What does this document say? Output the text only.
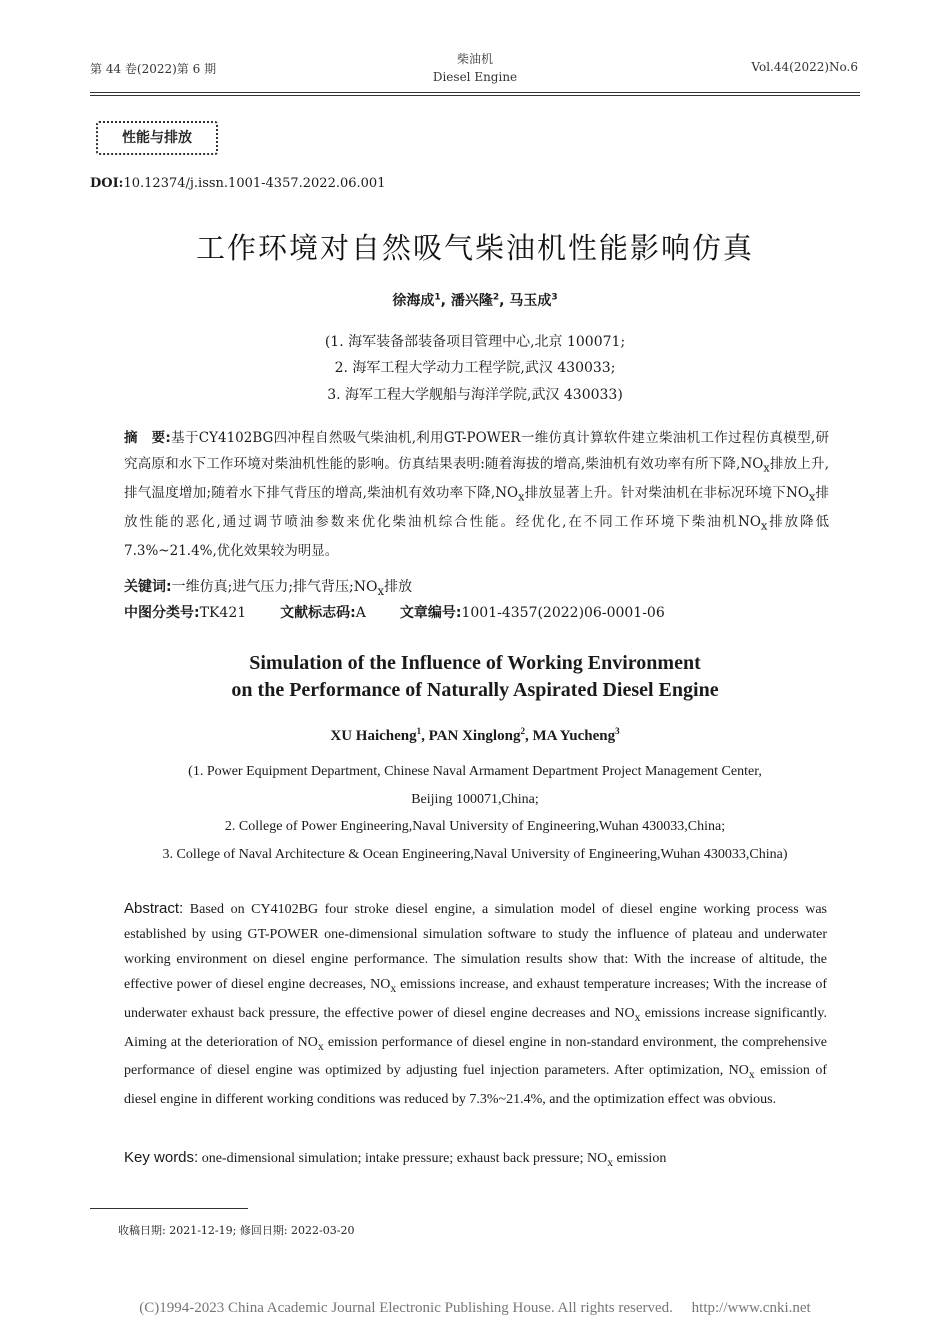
第 44 卷(2022)第 6 期
柴油机
Diesel Engine
Vol.44(2022)No.6
性能与排放
DOI:10.12374/j.issn.1001-4357.2022.06.001
工作环境对自然吸气柴油机性能影响仿真
徐海成$^1$, 潘兴隆$^2$, 马玉成$^3$
(1. 海军装备部装备项目管理中心,北京 100071;
2. 海军工程大学动力工程学院,武汉 430033;
3. 海军工程大学舰船与海洋学院,武汉 430033)
摘　要:基于CY4102BG四冲程自然吸气柴油机,利用GT-POWER一维仿真计算软件建立柴油机工作过程仿真模型,研究高原和水下工作环境对柴油机性能的影响。仿真结果表明:随着海拔的增高,柴油机有效功率有所下降$,NO_x$排放上升,排气温度增加;随着水下排气背压的增高,柴油机有效功率下降$,NO_x$排放显著上升。针对柴油机在非标况环境下$NO_x$排放性能的恶化,通过调节喷油参数来优化柴油机综合性能。经优化,在不同工作环境下柴油机$NO_x$排放降低7.3%~21.4%,优化效果较为明显。
关键词:一维仿真;进气压力;排气背压$;NO_x$排放
中图分类号:TK421 文献标志码:A 文章编号:1001-4357(2022)06-0001-06
Simulation of the Influence of Working Environment
on the Performance of Naturally Aspirated Diesel Engine
XU Haicheng$^1$, PAN Xinglong$^2$, MA Yucheng$^3$
(1. Power Equipment Department, Chinese Naval Armament Department Project Management Center,
Beijing 100071,China;
2. College of Power Engineering,Naval University of Engineering,Wuhan 430033,China;
3. College of Naval Architecture & Ocean Engineering,Naval University of Engineering,Wuhan 430033,China)
Abstract: Based on CY4102BG four stroke diesel engine, a simulation model of diesel engine working process was established by using GT-POWER one-dimensional simulation software to study the influence of plateau and underwater working environment on diesel engine performance. The simulation results show that: With the increase of altitude, the effective power of diesel engine decreases, $NO_x$ emissions increase, and exhaust temperature increases; With the increase of underwater exhaust back pressure, the effective power of diesel engine decreases and $NO_x$ emissions increase significantly. Aiming at the deterioration of $NO_x$ emission performance of diesel engine in non-standard environment, the comprehensive performance of diesel engine was optimized by adjusting fuel injection parameters. After optimization, $NO_x$ emission of diesel engine in different working conditions was reduced by 7.3%~21.4%, and the optimization effect was obvious.
Key words: one-dimensional simulation; intake pressure; exhaust back pressure; $NO_x$ emission
收稿日期: 2021-12-19; 修回日期: 2022-03-20
(C)1994-2023 China Academic Journal Electronic Publishing House. All rights reserved.　 http://www.cnki.net
